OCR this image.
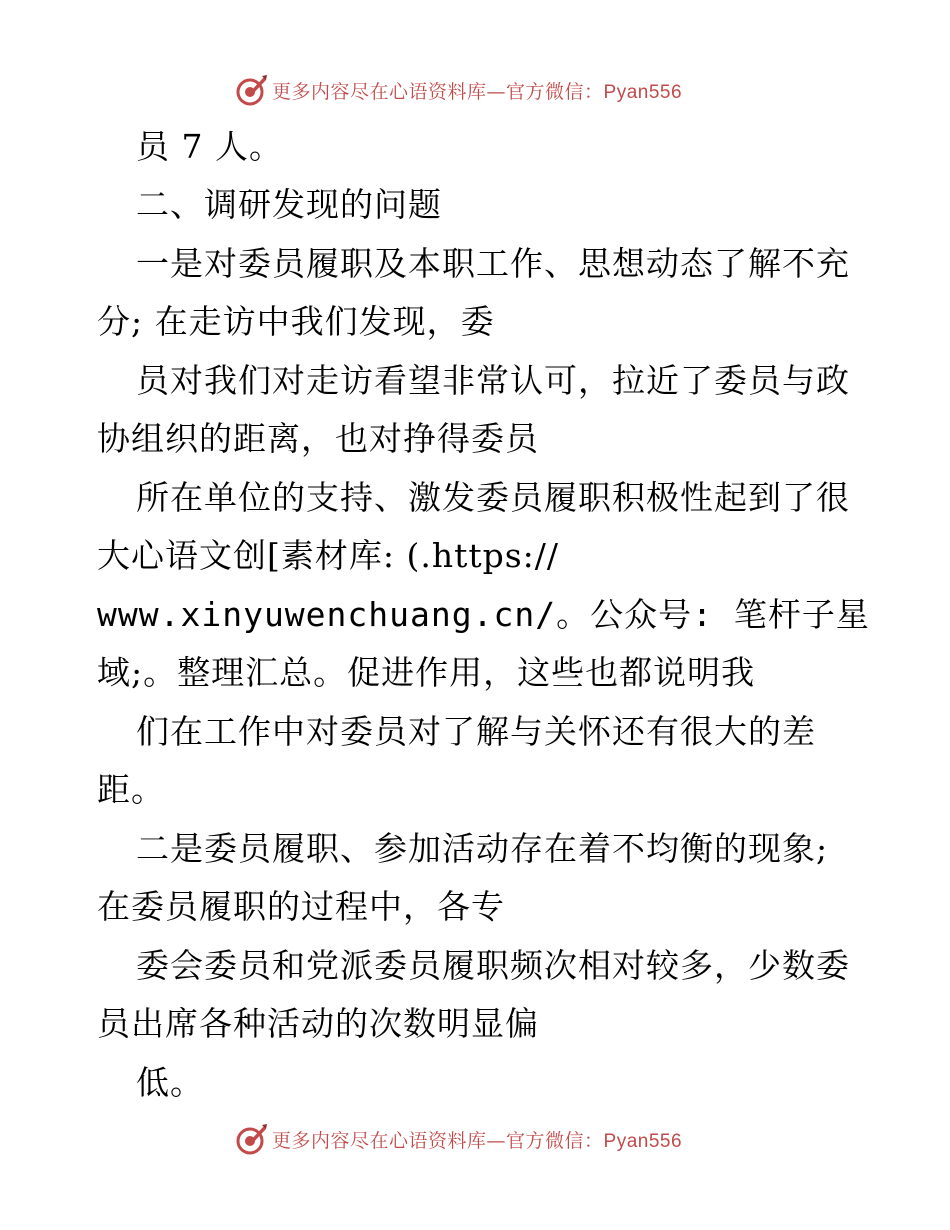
更多内容尽在心语资料库—官方微信：Pyan556
员 7 人。
二、调研发现的问题
一是对委员履职及本职工作、思想动态了解不充
分; 在走访中我们发现，委
员对我们对走访看望非常认可，拉近了委员与政
协组织的距离，也对挣得委员
所在单位的支持、激发委员履职积极性起到了很
大心语文创[素材库: (.https://
www.xinyuwenchuang.cn/。公众号: 笔杆子星
域;。整理汇总。促进作用，这些也都说明我
们在工作中对委员对了解与关怀还有很大的差
距。
二是委员履职、参加活动存在着不均衡的现象;
在委员履职的过程中，各专
委会委员和党派委员履职频次相对较多，少数委
员出席各种活动的次数明显偏
低。
更多内容尽在心语资料库—官方微信：Pyan556
